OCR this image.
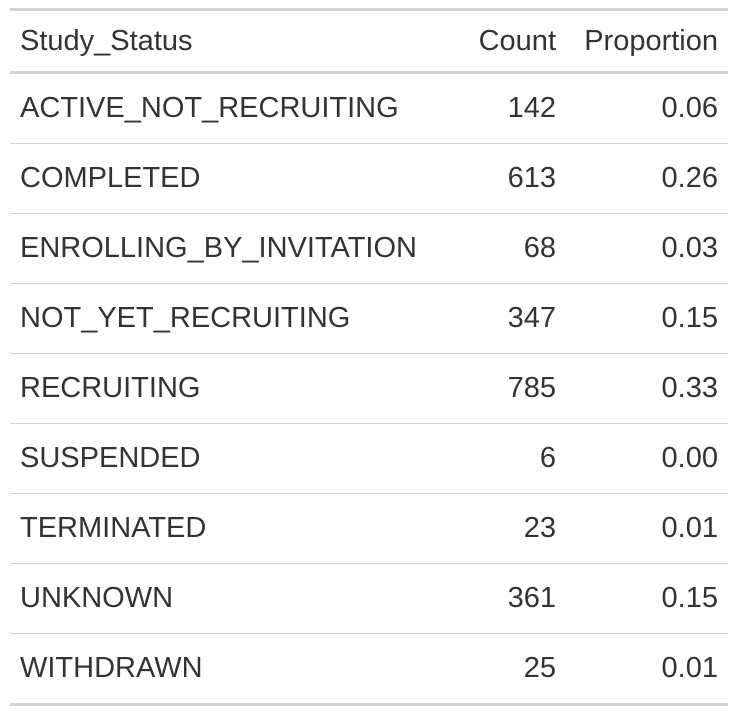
Study_Status	Count	Proportion
ACTIVE_NOT_RECRUITING	142	0.06
COMPLETED	613	0.26
ENROLLING_BY_INVITATION	68	0.03
NOT_YET_RECRUITING	347	0.15
RECRUITING	785	0.33
SUSPENDED	6	0.00
TERMINATED	23	0.01
UNKNOWN	361	0.15
WITHDRAWN	25	0.01
